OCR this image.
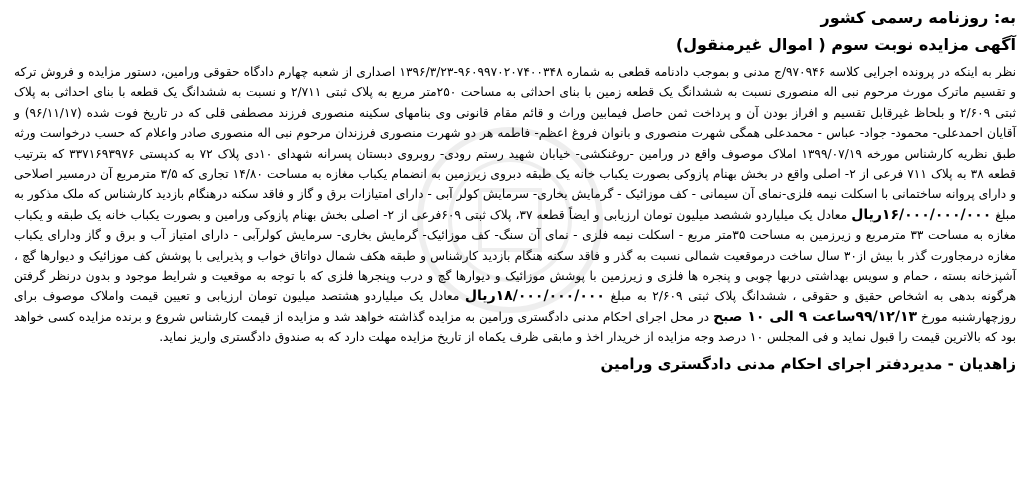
به: روزنامه رسمی کشور

آگهی مزایده نوبت سوم ( اموال غیرمنقول)

نظر به اینکه در پرونده اجرایی کلاسه ۹۷۰۹۴۶/ج مدنی و بموجب دادنامه قطعی به شماره ۹۶۰۹۹۷۰۲۰۷۴۰۰۳۴۸-۱۳۹۶/۳/۲۳ اصداری از شعبه چهارم دادگاه حقوقی ورامین، دستور مزایده و فروش ترکه و تقسیم ماترک مورث مرحوم نبی اله منصوری نسبت به ششدانگ یک قطعه زمین با بنای احداثی به مساحت ۲۵۰متر مربع به پلاک ثبتی ۲/۷۱۱ و نسبت به ششدانگ یک قطعه با بنای احداثی به پلاک ثبتی ۲/۶۰۹ و بلحاظ غیرقابل تقسیم و افراز بودن آن و پرداخت ثمن حاصل فیمابین وراث و قائم مقام قانونی وی بنامهای سکینه منصوری فرزند مصطفی قلی که در تاریخ فوت شده (۹۶/۱۱/۱۷) و آقایان احمدعلی- محمود- جواد- عباس - محمدعلی همگی شهرت منصوری و بانوان فروغ اعظم- فاطمه هر دو شهرت منصوری فرزندان مرحوم نبی اله منصوری صادر واعلام که حسب درخواست ورثه طبق نظریه کارشناس مورخه ۱۳۹۹/۰۷/۱۹ املاک موصوف واقع در ورامین -روغنکشی- خیابان شهید رستم رودی- روبروی دبستان پسرانه شهدای ۱۰دی پلاک ۷۲ به کدپستی ۳۳۷۱۶۹۳۹۷۶ که بترتیب قطعه ۳۸ به پلاک ۷۱۱ فرعی از ۲- اصلی واقع در بخش بهنام پازوکی بصورت یکباب خانه یک طبقه دبروی زیرزمین به انضمام یکباب مغازه به مساحت ۱۴/۸۰ تجاری که ۳/۵ مترمربع آن درمسیر اصلاحی و دارای پروانه ساختمانی با اسکلت نیمه فلزی-نمای آن سیمانی - کف موزائیک - گرمایش بخاری- سرمایش کولر آبی - دارای امتیازات برق و گاز و فاقد سکنه درهنگام بازدید کارشناس که ملک مذکور به مبلغ ۱۶/۰۰۰/۰۰۰/۰۰۰ریال معادل یک میلیاردو ششصد میلیون تومان ارزیابی و ایضاً قطعه ۳۷، پلاک ثبتی ۶۰۹فرعی از ۲- اصلی بخش بهنام پازوکی ورامین و بصورت یکباب خانه یک طبقه و یکباب مغازه به مساحت ۳۳ مترمربع و زیرزمین به مساحت ۳۵متر مربع - اسکلت نیمه فلزی - نمای آن سنگ- کف موزائیک- گرمایش بخاری- سرمایش کولرآبی - دارای امتیاز آب و برق و گاز ودارای یکباب مغازه درمجاورت گذر با بیش از۳۰ سال ساخت درموقعیت شمالی نسبت به گذر و فاقد سکنه هنگام بازدید کارشناس و طبقه هکف شمال دواتاق خواب و پذیرایی با پوشش کف موزائیک و دیوارها گچ ، آشپزخانه بسته ، حمام و سویس بهداشتی دربها چوبی و پنجره ها فلزی و زیرزمین با پوشش موزائیک و دیوارها گچ و درب وپنجرها فلزی که با توجه به موقعیت و شرایط موجود و بدون درنظر گرفتن هرگونه بدهی به اشخاص حقیق و حقوقی ، ششدانگ پلاک ثبتی ۲/۶۰۹ به مبلغ ۱۸/۰۰۰/۰۰۰/۰۰۰ریال معادل یک میلیاردو هشتصد میلیون تومان ارزیابی و تعیین قیمت واملاک موصوف برای روزچهارشنبه مورخ ۹۹/۱۲/۱۳ساعت ۹ الی ۱۰ صبح در محل اجرای احکام مدنی دادگستری ورامین به مزایده گذاشته خواهد شد و مزایده از قیمت کارشناس شروع و برنده مزایده کسی خواهد بود که بالاترین قیمت را قبول نماید و فی المجلس ۱۰ درصد وجه مزایده از خریدار اخذ و مابقی ظرف یکماه از تاریخ مزایده مهلت دارد که به صندوق دادگستری واریز نماید.

زاهدیان - مدیردفتر اجرای احکام مدنی دادگستری ورامین
